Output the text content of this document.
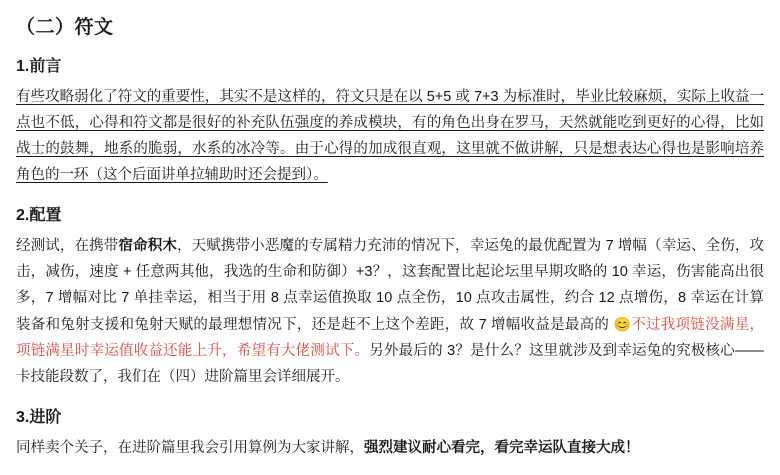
（二）符文
1.前言

有些攻略弱化了符文的重要性，其实不是这样的，符文只是在以 5+5 或 7+3 为标准时，毕业比较麻烦，实际上收益一点也不低，心得和符文都是很好的补充队伍强度的养成模块，有的角色出身在罗马，天然就能吃到更好的心得，比如战士的鼓舞，地系的脆弱，水系的冰冷等。由于心得的加成很直观，这里就不做讲解，只是想表达心得也是影响培养角色的一环（这个后面讲单拉辅助时还会提到）。

2.配置

经测试，在携带宿命积木，天赋携带小恶魔的专属精力充沛的情况下，幸运兔的最优配置为 7 增幅（幸运、全伤，攻击，减伤，速度 + 任意两其他，我选的生命和防御）+3？，这套配置比起论坛里早期攻略的 10 幸运，伤害能高出很多，7 增幅对比 7 单挂幸运，相当于用 8 点幸运值换取 10 点全伤，10 点攻击属性，约合 12 点增伤，8 幸运在计算装备和兔射支援和兔射天赋的最理想情况下，还是赶不上这个差距，故 7 增幅收益是最高的 😊不过我项链没满星，项链满星时幸运值收益还能上升，希望有大佬测试下。另外最后的 3？是什么？这里就涉及到幸运兔的究极核心——卡技能段数了，我们在（四）进阶篇里会详细展开。

3.进阶

同样卖个关子，在进阶篇里我会引用算例为大家讲解，强烈建议耐心看完，看完幸运队直接大成！
